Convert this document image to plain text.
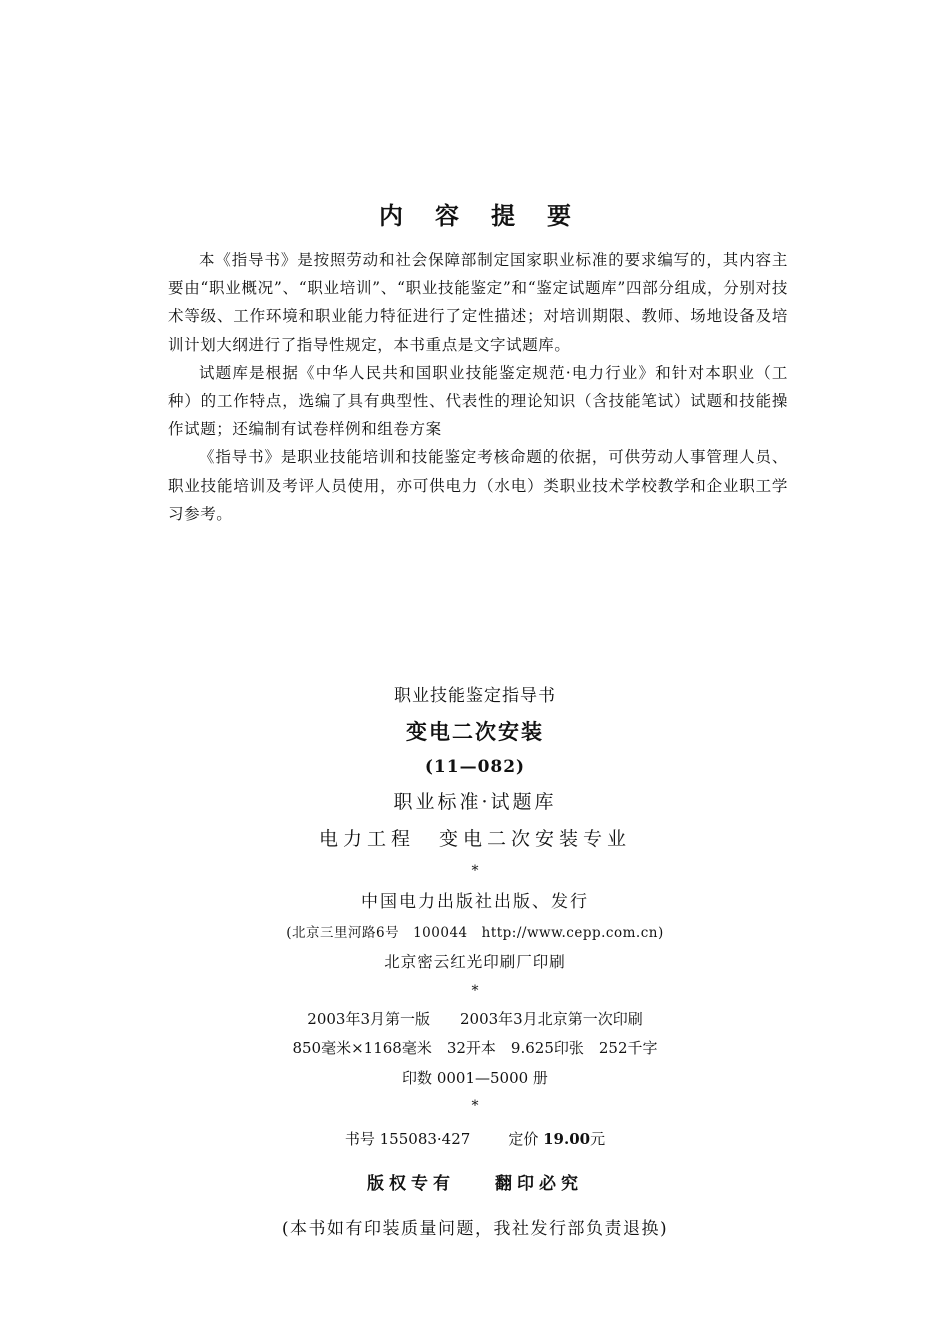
内容提要

本《指导书》是按照劳动和社会保障部制定国家职业标准的要求编写的，其内容主要由“职业概况”、“职业培训”、“职业技能鉴定”和“鉴定试题库”四部分组成，分别对技术等级、工作环境和职业能力特征进行了定性描述；对培训期限、教师、场地设备及培训计划大纲进行了指导性规定，本书重点是文字试题库。

试题库是根据《中华人民共和国职业技能鉴定规范·电力行业》和针对本职业（工种）的工作特点，选编了具有典型性、代表性的理论知识（含技能笔试）试题和技能操作试题；还编制有试卷样例和组卷方案

《指导书》是职业技能培训和技能鉴定考核命题的依据，可供劳动人事管理人员、职业技能培训及考评人员使用，亦可供电力（水电）类职业技术学校教学和企业职工学习参考。

职业技能鉴定指导书
变电二次安装
(11—082)
职业标准·试题库
电力工程　变电二次安装专业
*
中国电力出版社出版、发行
(北京三里河路6号　100044　http://www.cepp.com.cn)
北京密云红光印刷厂印刷
*
2003年3月第一版　　2003年3月北京第一次印刷
850毫米×1168毫米　32开本　9.625印张　252千字
印数 0001—5000 册
*
书号 155083·427	定价 19.00元
版权专有 翻印必究
(本书如有印装质量问题，我社发行部负责退换)
